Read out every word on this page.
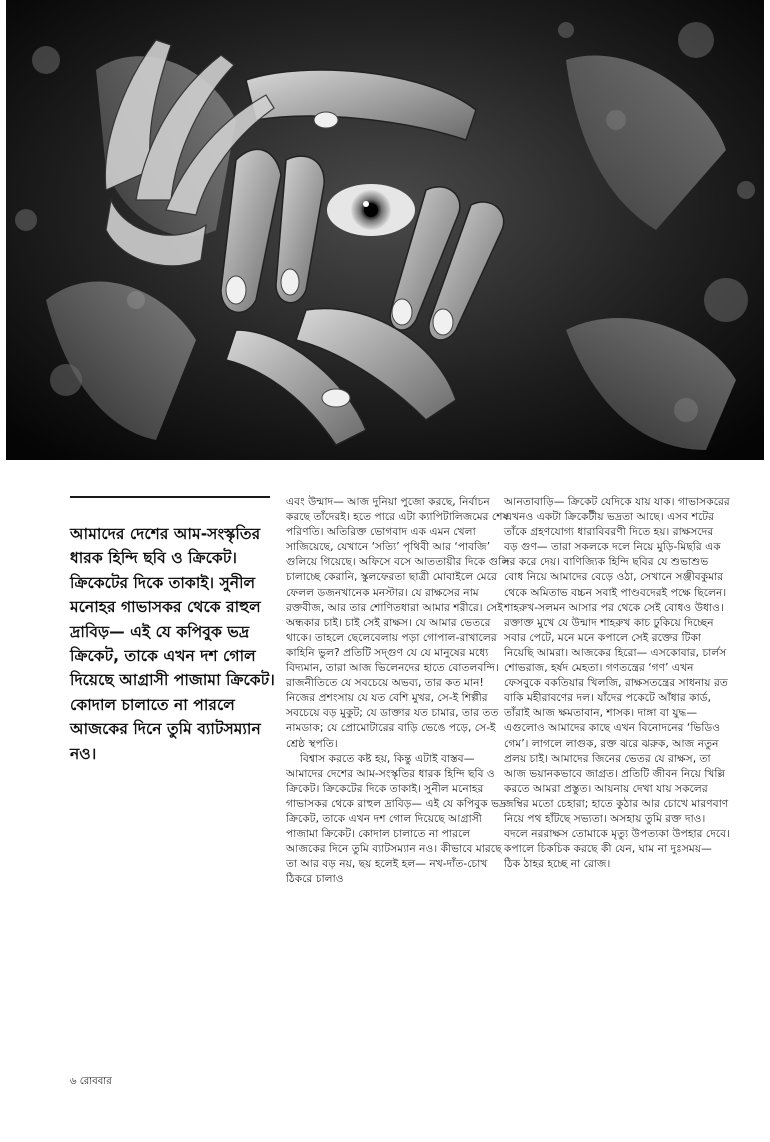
আমাদের দেশের আম-সংস্কৃতির ধারক হিন্দি ছবি ও ক্রিকেট। ক্রিকেটের দিকে তাকাই। সুনীল মনোহর গাভাসকর থেকে রাহুল দ্রাবিড়— এই যে কপিবুক ভদ্র ক্রিকেট, তাকে এখন দশ গোল দিয়েছে আগ্রাসী পাজামা ক্রিকেট। কোদাল চালাতে না পারলে আজকের দিনে তুমি ব্যাটসম্যান নও।

এবং উন্মাদ— আজ দুনিয়া পুজো করছে, নির্বাচন করছে তাঁদেরই। হতে পারে এটা ক্যাপিটালিজমের শেষ পরিণতি। অতিরিক্ত ভোগবাদ এক এমন খেলা সাজিয়েছে, যেখানে ‘সত্যি’ পৃথিবী আর ‘পাবজি’ গুলিয়ে গিয়েছে। অফিসে বসে আততায়ীর দিকে গুলি চালাচ্ছে কেরানি, স্কুলফেরতা ছাত্রী মোবাইলে মেরে ফেলল ডজনখানেক মনস্টার। যে রাক্ষসের নাম রক্তবীজ, আর তার শোণিতধারা আমার শরীরে। সেই অন্ধকার চাই। চাই সেই রাক্ষস। যে আমার ভেতরে থাকে। তাহলে ছেলেবেলায় পড়া গোপাল-রাখালের কাহিনি ভুল? প্রতিটি সদ্গুণ যে যে মানুষের মধ্যে বিদ্যমান, তারা আজ ভিলেনদের হাতে বোতলবন্দি। রাজনীতিতে যে সবচেয়ে অভব্য, তার কত মান! নিজের প্রশংসায় যে যত বেশি মুখর, সে-ই শিল্পীর সবচেয়ে বড় মুকুট; যে ডাক্তার যত চামার, তার তত নামডাক; যে প্রোমোটারের বাড়ি ভেঙে পড়ে, সে-ই শ্রেষ্ঠ স্থপতি।

বিশ্বাস করতে কষ্ট হয়, কিন্তু এটাই বাস্তব— আমাদের দেশের আম-সংস্কৃতির ধারক হিন্দি ছবি ও ক্রিকেট। ক্রিকেটের দিকে তাকাই। সুনীল মনোহর গাভাসকর থেকে রাহুল দ্রাবিড়— এই যে কপিবুক ভদ্র ক্রিকেট, তাকে এখন দশ গোল দিয়েছে আগ্রাসী পাজামা ক্রিকেট। কোদাল চালাতে না পারলে আজকের দিনে তুমি ব্যাটসম্যান নও। কীভাবে মারছে তা আর বড় নয়, ছয় হলেই হল— নখ-দাঁত-চোখ ঠিকরে চালাও

আনতাবাড়ি— ক্রিকেট যেদিকে যায় যাক। গাভাসকরের এখনও একটা ক্রিকেটীয় ভদ্রতা আছে। এসব শটের তাঁকে গ্রহণযোগ্য ধারাবিবরণী দিতে হয়। রাক্ষসদের বড় গুণ— তারা সকলকে দলে নিয়ে মুড়ি-মিছরি এক দর করে দেয়। বাণিজ্যিক হিন্দি ছবির যে শুভাশুভ বোধ নিয়ে আমাদের বেড়ে ওঠা, সেখানে সঞ্জীবকুমার থেকে অমিতাভ বচ্চন সবাই পাণ্ডবদেরই পক্ষে ছিলেন। শাহরুখ-সলমন আসার পর থেকে সেই বোধও উধাও। রক্তাক্ত মুখে যে উন্মাদ শাহরুখ কাচ ঢুকিয়ে দিচ্ছেন সবার পেটে, মনে মনে কপালে সেই রক্তের টিকা নিয়েছি আমরা। আজকের হিরো— এসকোবার, চার্লস শোভরাজ, হর্ষদ মেহতা। গণতন্ত্রের ‘গণ’ এখন ফেসবুকে বকতিয়ার খিলজি, রাক্ষসতন্ত্রের সাধনায় রত বাকি মহীরাবণের দল। যাঁদের পকেটে আঁধার কার্ড, তাঁরাই আজ ক্ষমতাবান, শাসক। দাঙ্গা বা যুদ্ধ— এগুলোও আমাদের কাছে এখন বিনোদনের ‘ভিডিও গেম’। লাগলে লাগুক, রক্ত ঝরে ঝরুক, আজ নতুন প্রলয় চাই। আমাদের জিনের ভেতর যে রাক্ষস, তা আজ ভয়ানকভাবে জাগ্রত। প্রতিটি জীবন নিয়ে খিল্লি করতে আমরা প্রস্তুত। আয়নায় দেখা যায় সকলের জম্বির মতো চেহারা; হাতে কুঠার আর চোখে মারণবাণ নিয়ে পথ হাঁটছে সভ্যতা। অসহায় তুমি রক্ত দাও। বদলে নররাক্ষস তোমাকে মৃত্যু উপত্যকা উপহার দেবে। কপালে চিকচিক করছে কী যেন, ঘাম না দুঃসময়— ঠিক ঠাহর হচ্ছে না রোজ।

৬ রোববার
